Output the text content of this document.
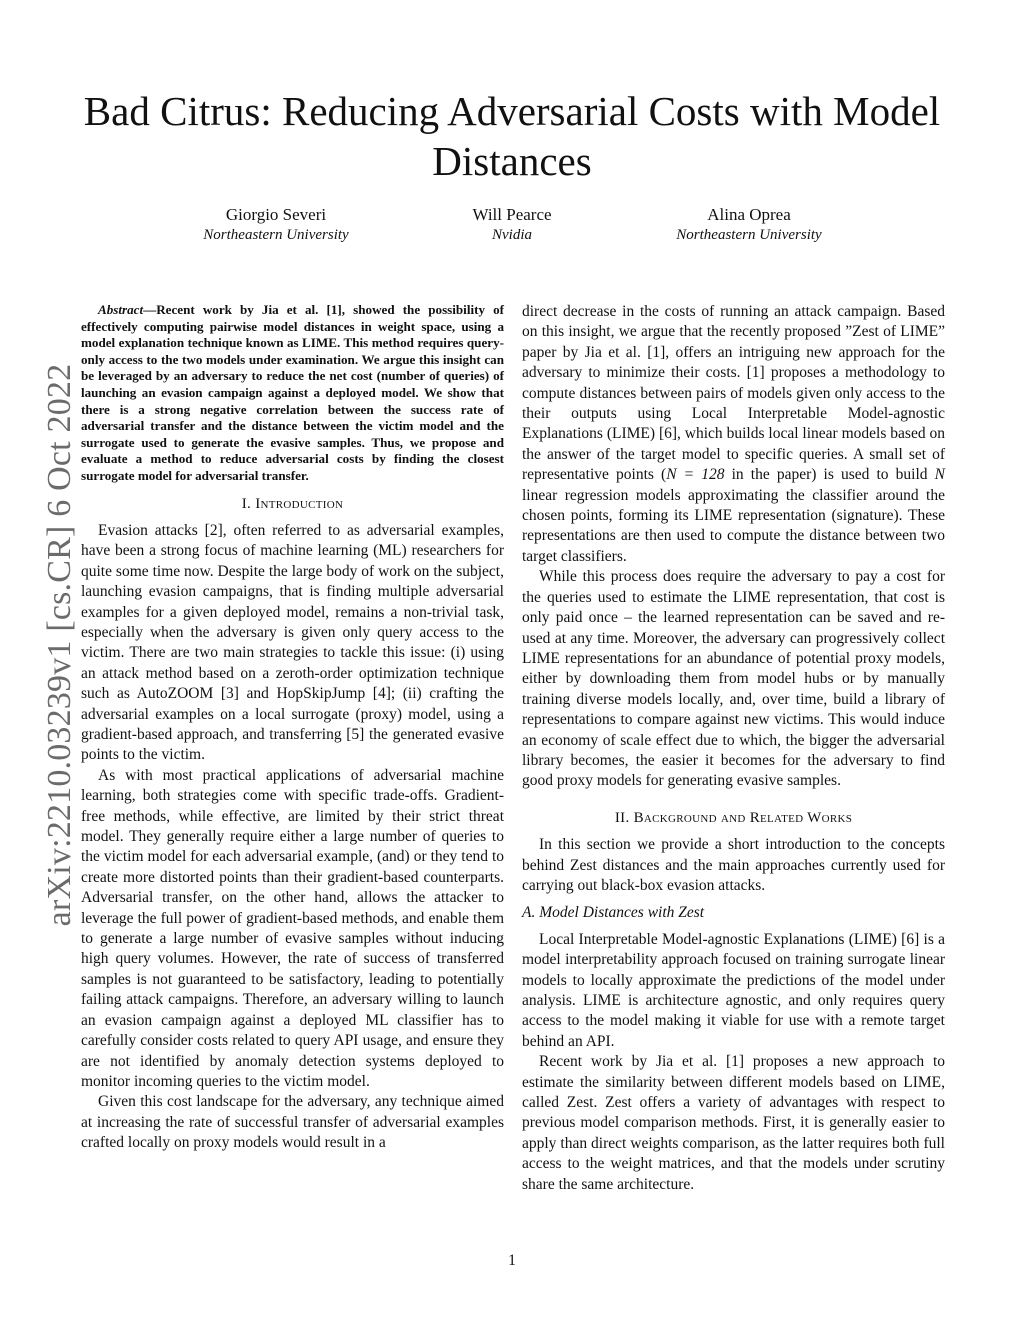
Bad Citrus: Reducing Adversarial Costs with Model Distances
Giorgio Severi
Northeastern University
Will Pearce
Nvidia
Alina Oprea
Northeastern University
arXiv:2210.03239v1 [cs.CR] 6 Oct 2022

Abstract—Recent work by Jia et al. [1], showed the possibility of effectively computing pairwise model distances in weight space, using a model explanation technique known as LIME. This method requires query-only access to the two models under examination. We argue this insight can be leveraged by an adversary to reduce the net cost (number of queries) of launching an evasion campaign against a deployed model. We show that there is a strong negative correlation between the success rate of adversarial transfer and the distance between the victim model and the surrogate used to generate the evasive samples. Thus, we propose and evaluate a method to reduce adversarial costs by finding the closest surrogate model for adversarial transfer.

I. Introduction

Evasion attacks [2], often referred to as adversarial examples, have been a strong focus of machine learning (ML) researchers for quite some time now. Despite the large body of work on the subject, launching evasion campaigns, that is finding multiple adversarial examples for a given deployed model, remains a non-trivial task, especially when the adversary is given only query access to the victim. There are two main strategies to tackle this issue: (i) using an attack method based on a zeroth-order optimization technique such as AutoZOOM [3] and HopSkipJump [4]; (ii) crafting the adversarial examples on a local surrogate (proxy) model, using a gradient-based approach, and transferring [5] the generated evasive points to the victim.

As with most practical applications of adversarial machine learning, both strategies come with specific trade-offs. Gradient-free methods, while effective, are limited by their strict threat model. They generally require either a large number of queries to the victim model for each adversarial example, (and) or they tend to create more distorted points than their gradient-based counterparts. Adversarial transfer, on the other hand, allows the attacker to leverage the full power of gradient-based methods, and enable them to generate a large number of evasive samples without inducing high query volumes. However, the rate of success of transferred samples is not guaranteed to be satisfactory, leading to potentially failing attack campaigns. Therefore, an adversary willing to launch an evasion campaign against a deployed ML classifier has to carefully consider costs related to query API usage, and ensure they are not identified by anomaly detection systems deployed to monitor incoming queries to the victim model.

Given this cost landscape for the adversary, any technique aimed at increasing the rate of successful transfer of adversarial examples crafted locally on proxy models would result in a

direct decrease in the costs of running an attack campaign. Based on this insight, we argue that the recently proposed ”Zest of LIME” paper by Jia et al. [1], offers an intriguing new approach for the adversary to minimize their costs. [1] proposes a methodology to compute distances between pairs of models given only access to the their outputs using Local Interpretable Model-agnostic Explanations (LIME) [6], which builds local linear models based on the answer of the target model to specific queries. A small set of representative points (N = 128 in the paper) is used to build N linear regression models approximating the classifier around the chosen points, forming its LIME representation (signature). These representations are then used to compute the distance between two target classifiers.

While this process does require the adversary to pay a cost for the queries used to estimate the LIME representation, that cost is only paid once – the learned representation can be saved and re-used at any time. Moreover, the adversary can progressively collect LIME representations for an abundance of potential proxy models, either by downloading them from model hubs or by manually training diverse models locally, and, over time, build a library of representations to compare against new victims. This would induce an economy of scale effect due to which, the bigger the adversarial library becomes, the easier it becomes for the adversary to find good proxy models for generating evasive samples.

II. Background and Related Works

In this section we provide a short introduction to the concepts behind Zest distances and the main approaches currently used for carrying out black-box evasion attacks.

A. Model Distances with Zest

Local Interpretable Model-agnostic Explanations (LIME) [6] is a model interpretability approach focused on training surrogate linear models to locally approximate the predictions of the model under analysis. LIME is architecture agnostic, and only requires query access to the model making it viable for use with a remote target behind an API.

Recent work by Jia et al. [1] proposes a new approach to estimate the similarity between different models based on LIME, called Zest. Zest offers a variety of advantages with respect to previous model comparison methods. First, it is generally easier to apply than direct weights comparison, as the latter requires both full access to the weight matrices, and that the models under scrutiny share the same architecture.

1
